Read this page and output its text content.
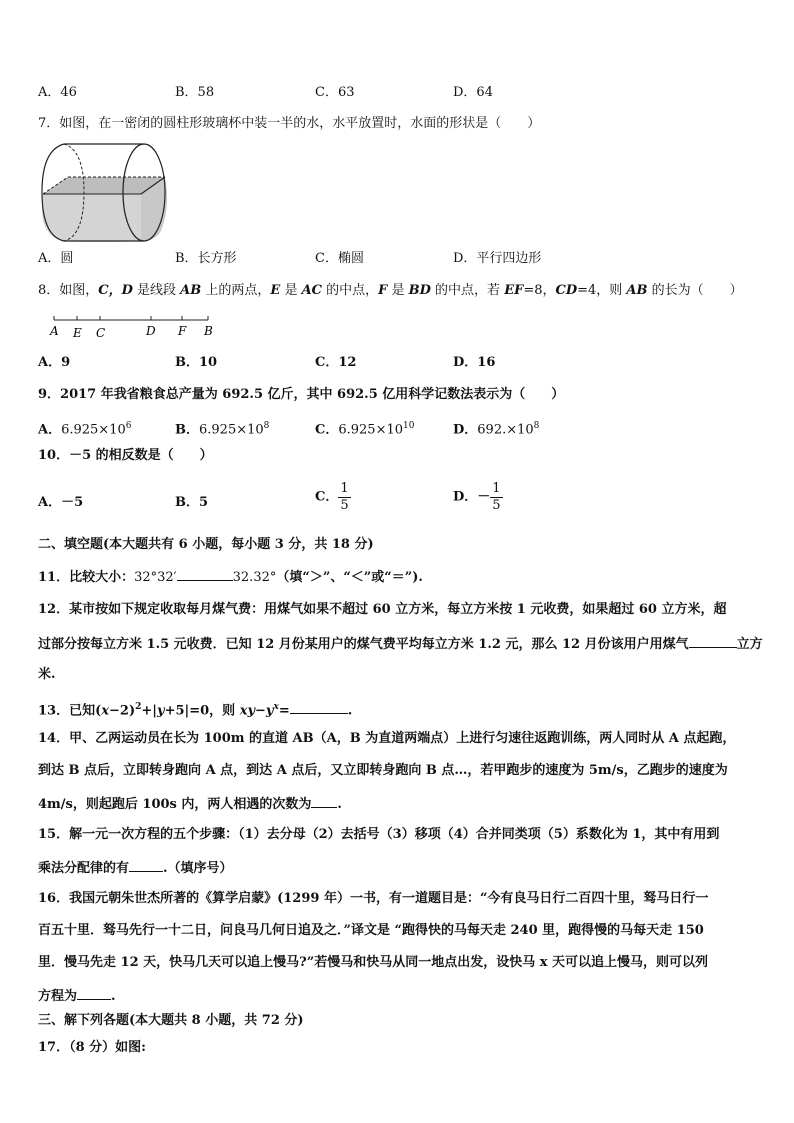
A．46	B．58	C．63	D．64
7．如图，在一密闭的圆柱形玻璃杯中装一半的水，水平放置时，水面的形状是（　　）
A．圆	B．长方形	C．椭圆	D．平行四边形
8．如图，C，D 是线段 AB 上的两点，E 是 AC 的中点，F 是 BD 的中点，若 EF=8，CD=4，则 AB 的长为（　　）
A E C	D F B
A．9	B．10	C．12	D．16
9．2017 年我省粮食总产量为 692.5 亿斤，其中 692.5 亿用科学记数法表示为（　　）
A．$6.925\times 10^6$	B．$6.925\times 10^8$	C．$6.925\times 10^{10}$	D．$692.\times 10^8$
10．－5 的相反数是（　　）
A．－5	B．5	C． $\frac{1}{5}$	D．－ $\frac{1}{5}$
二、填空题(本大题共有 6 小题，每小题 3 分，共 18 分)
11．比较大小：32°32′	32.32°（填“＞”、“＜”或“＝”).
12．某市按如下规定收取每月煤气费：用煤气如果不超过 60 立方米，每立方米按 1 元收费，如果超过 60 立方米，超
过部分按每立方米 1.5 元收费．已知 12 月份某用户的煤气费平均每立方米 1.2 元，那么 12 月份该用户用煤气	立方
米.
13．已知$(x-2)^2+|y+5|=0$，则 $xy-y^x=$	.
14．甲、乙两运动员在长为 100m 的直道 AB（A，B 为直道两端点）上进行匀速往返跑训练，两人同时从 A 点起跑，
到达 B 点后，立即转身跑向 A 点，到达 A 点后，又立即转身跑向 B 点…，若甲跑步的速度为 5m/s，乙跑步的速度为
4m/s，则起跑后 100s 内，两人相遇的次数为 .
15．解一元一次方程的五个步骤：（1）去分母（2）去括号（3）移项（4）合并同类项（5）系数化为 1，其中有用到
乘法分配律的有	.（填序号）
16．我国元朝朱世杰所著的《算学启蒙》(1299 年）一书，有一道题目是：“今有良马日行二百四十里，驽马日行一
百五十里．驽马先行一十二日，问良马几何日追及之．”译文是 “跑得快的马每天走 240 里，跑得慢的马每天走 150
里．慢马先走 12 天，快马几天可以追上慢马?”若慢马和快马从同一地点出发，设快马 x 天可以追上慢马，则可以列
方程为	.
三、解下列各题(本大题共 8 小题，共 72 分)
17．（8 分）如图:
